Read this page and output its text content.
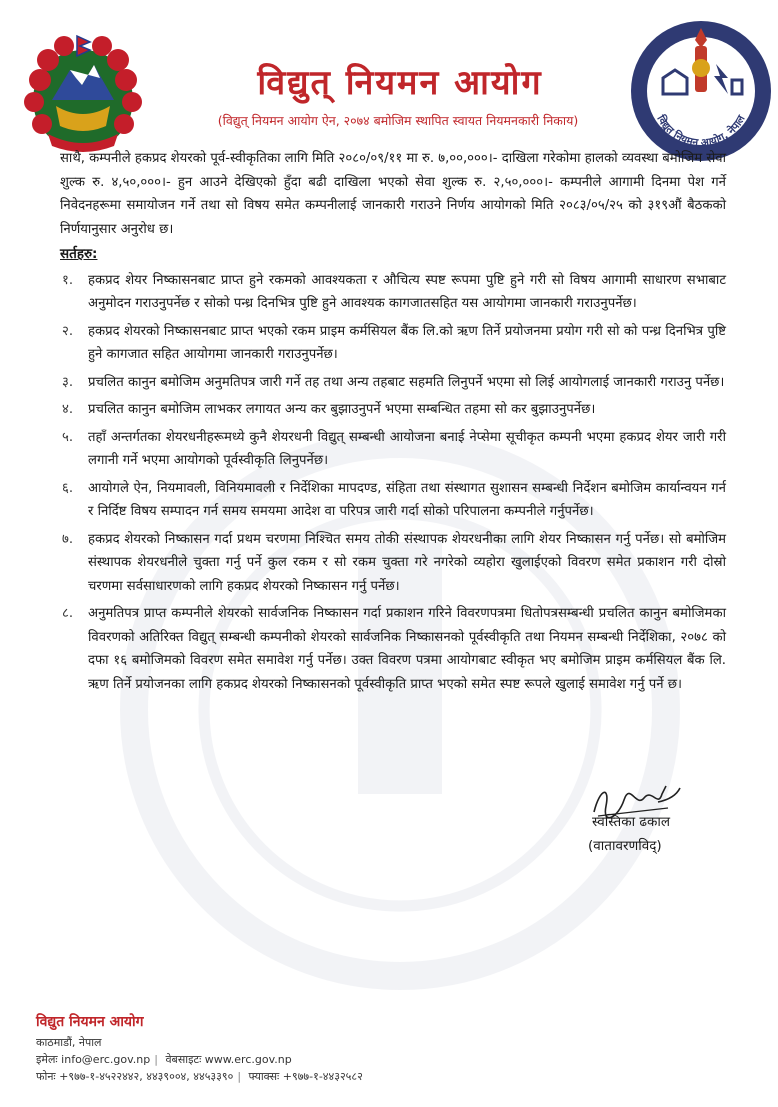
विद्युत् नियमन आयोग
(विद्युत् नियमन आयोग ऐन, २०७४ बमोजिम स्थापित स्वायत नियमनकारी निकाय)	विद्युत नियमन आयोग, नेपाल

साथै, कम्पनीले हकप्रद शेयरको पूर्व-स्वीकृतिका लागि मिति २०८०/०९/११ मा रु. ७,००,०००।- दाखिला गरेकोमा हालको व्यवस्था बमोजिम सेवा शुल्क रु. ४,५०,०००।- हुन आउने देखिएको हुँदा बढी दाखिला भएको सेवा शुल्क रु. २,५०,०००।- कम्पनीले आगामी दिनमा पेश गर्ने निवेदनहरूमा समायोजन गर्ने तथा सो विषय समेत कम्पनीलाई जानकारी गराउने निर्णय आयोगको मिति २०८३/०५/२५ को ३१९औं बैठकको निर्णयानुसार अनुरोध छ।

सर्तहरु:
१.	हकप्रद शेयर निष्कासनबाट प्राप्त हुने रकमको आवश्यकता र औचित्य स्पष्ट रूपमा पुष्टि हुने गरी सो विषय आगामी साधारण सभाबाट अनुमोदन गराउनुपर्नेछ र सोको पन्ध्र दिनभित्र पुष्टि हुने आवश्यक कागजातसहित यस आयोगमा जानकारी गराउनुपर्नेछ।
२.	हकप्रद शेयरको निष्कासनबाट प्राप्त भएको रकम प्राइम कर्मसियल बैंक लि.को ऋण तिर्ने प्रयोजनमा प्रयोग गरी सो को पन्ध्र दिनभित्र पुष्टि हुने कागजात सहित आयोगमा जानकारी गराउनुपर्नेछ।
३.	प्रचलित कानुन बमोजिम अनुमतिपत्र जारी गर्ने तह तथा अन्य तहबाट सहमति लिनुपर्ने भएमा सो लिई आयोगलाई जानकारी गराउनु पर्नेछ।
४.	प्रचलित कानुन बमोजिम लाभकर लगायत अन्य कर बुझाउनुपर्ने भएमा सम्बन्धित तहमा सो कर बुझाउनुपर्नेछ।
५.	तहाँ अन्तर्गतका शेयरधनीहरूमध्ये कुनै शेयरधनी विद्युत् सम्बन्धी आयोजना बनाई नेप्सेमा सूचीकृत कम्पनी भएमा हकप्रद शेयर जारी गरी लगानी गर्ने भएमा आयोगको पूर्वस्वीकृति लिनुपर्नेछ।
६.	आयोगले ऐन, नियमावली, विनियमावली र निर्देशिका मापदण्ड, संहिता तथा संस्थागत सुशासन सम्बन्धी निर्देशन बमोजिम कार्यान्वयन गर्न र निर्दिष्ट विषय सम्पादन गर्न समय समयमा आदेश वा परिपत्र जारी गर्दा सोको परिपालना कम्पनीले गर्नुपर्नेछ।
७.	हकप्रद शेयरको निष्कासन गर्दा प्रथम चरणमा निश्चित समय तोकी संस्थापक शेयरधनीका लागि शेयर निष्कासन गर्नु पर्नेछ। सो बमोजिम संस्थापक शेयरधनीले चुक्ता गर्नु पर्ने कुल रकम र सो रकम चुक्ता गरे नगरेको व्यहोरा खुलाईएको विवरण समेत प्रकाशन गरी दोस्रो चरणमा सर्वसाधारणको लागि हकप्रद शेयरको निष्कासन गर्नु पर्नेछ।
८.	अनुमतिपत्र प्राप्त कम्पनीले शेयरको सार्वजनिक निष्कासन गर्दा प्रकाशन गरिने विवरणपत्रमा धितोपत्रसम्बन्धी प्रचलित कानुन बमोजिमका विवरणको अतिरिक्त विद्युत् सम्बन्धी कम्पनीको शेयरको सार्वजनिक निष्कासनको पूर्वस्वीकृति तथा नियमन सम्बन्धी निर्देशिका, २०७८ को दफा १६ बमोजिमको विवरण समेत समावेश गर्नु पर्नेछ। उक्त विवरण पत्रमा आयोगबाट स्वीकृत भए बमोजिम प्राइम कर्मसियल बैंक लि. ऋण तिर्ने प्रयोजनका लागि हकप्रद शेयरको निष्कासनको पूर्वस्वीकृति प्राप्त भएको समेत स्पष्ट रूपले खुलाई समावेश गर्नु पर्ने छ।
स्वस्तिका ढकाल
(वातावरणविद्)
विद्युत नियमन आयोग
काठमाडौं, नेपाल
इमेलः info@erc.gov.np | वेबसाइटः www.erc.gov.np
फोनः +९७७-१-४५२२४४२, ४४३९००४, ४४५३३९० | फ्याक्सः +९७७-१-४४३२५८२
